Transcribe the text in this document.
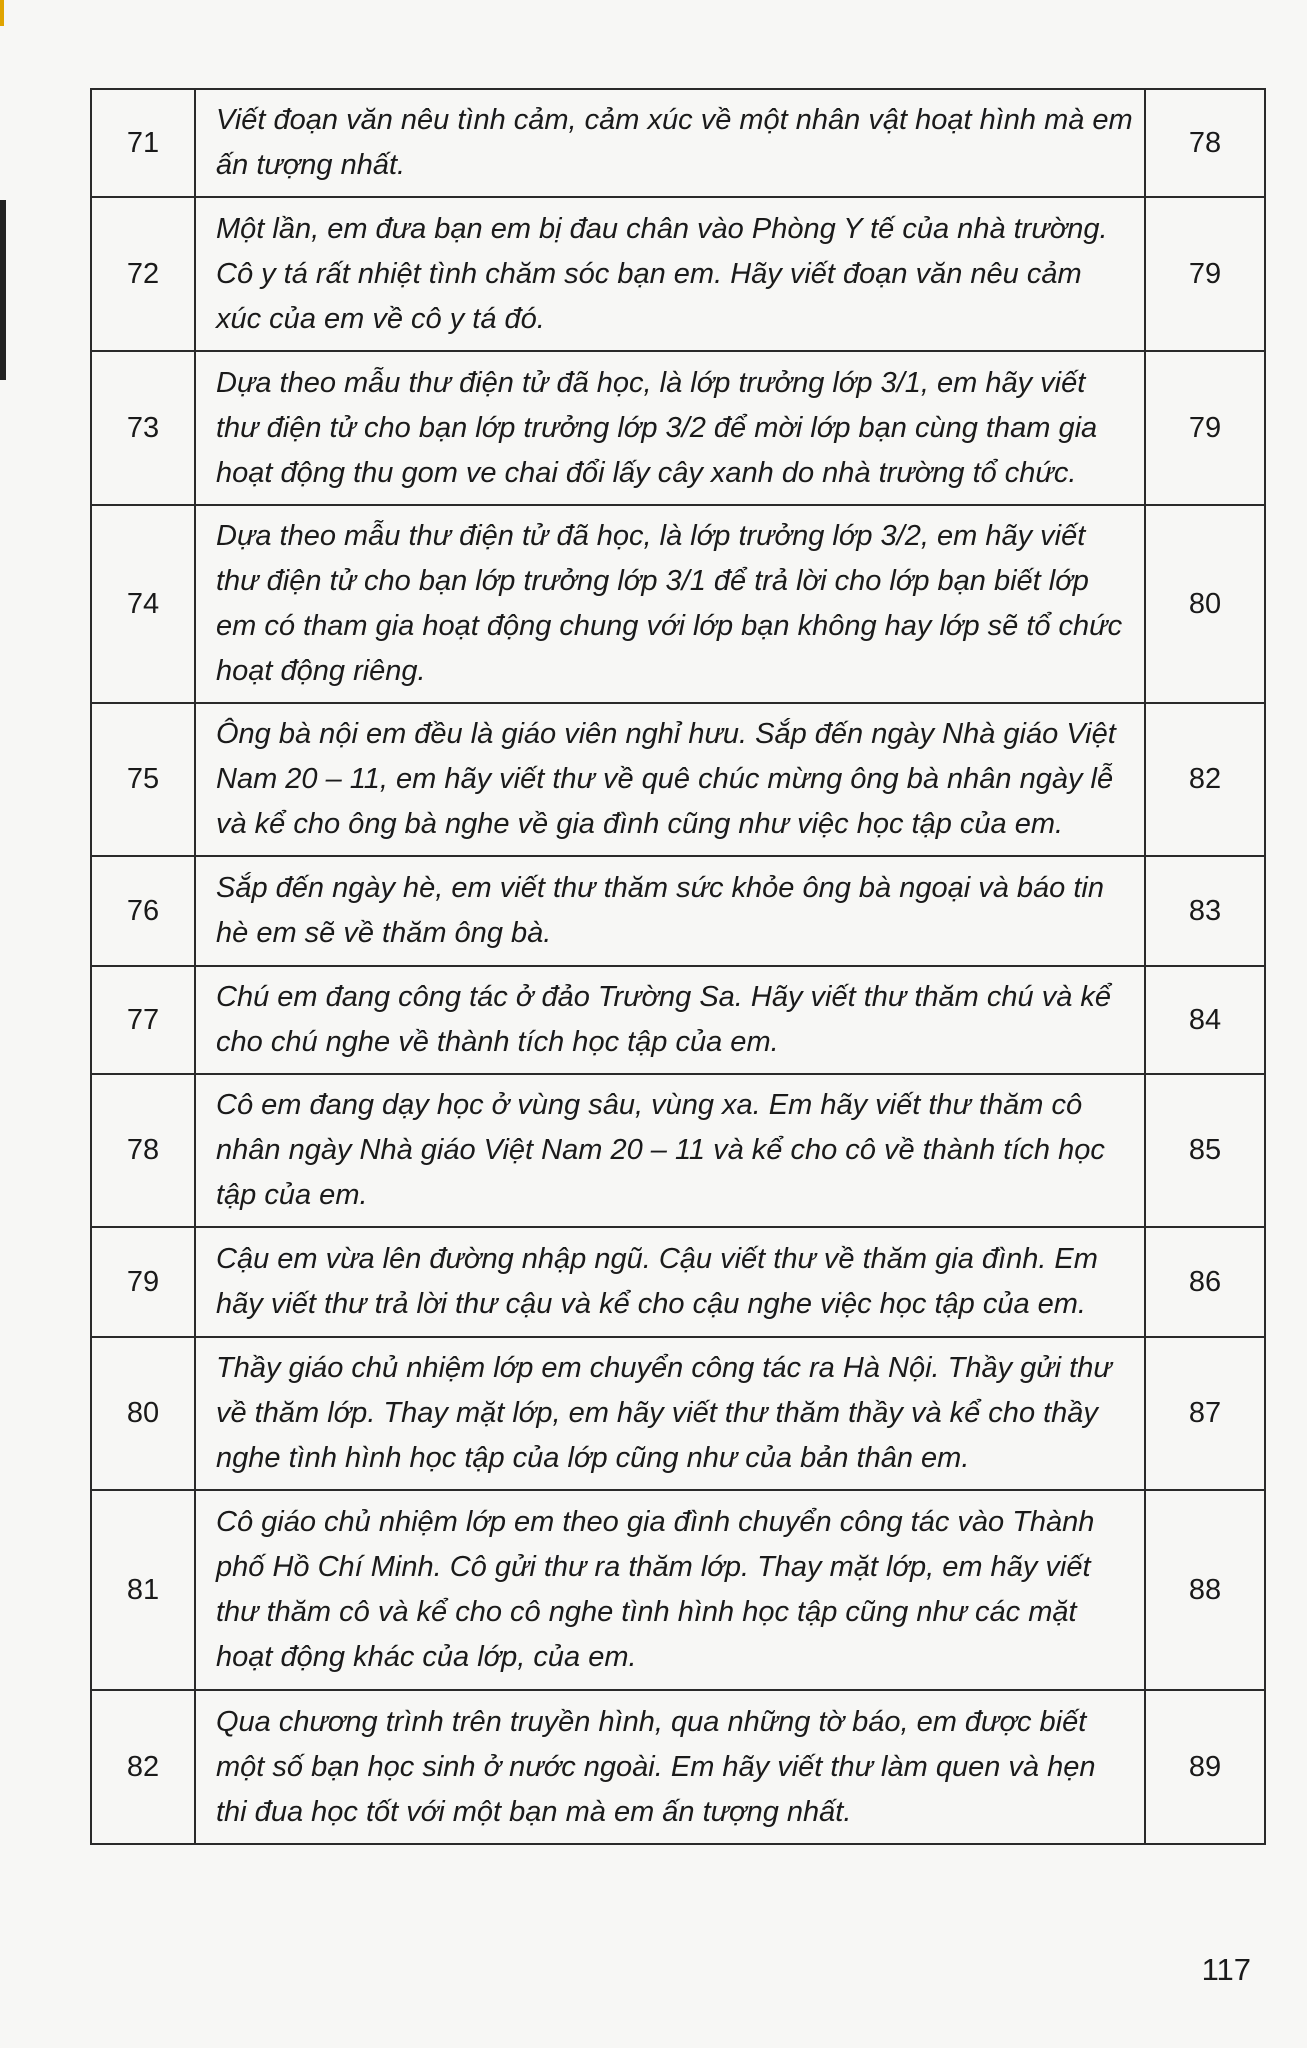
71	Viết đoạn văn nêu tình cảm, cảm xúc về một nhân vật hoạt hình mà em ấn tượng nhất.	78
72	Một lần, em đưa bạn em bị đau chân vào Phòng Y tế của nhà trường. Cô y tá rất nhiệt tình chăm sóc bạn em. Hãy viết đoạn văn nêu cảm xúc của em về cô y tá đó.	79
73	Dựa theo mẫu thư điện tử đã học, là lớp trưởng lớp 3/1, em hãy viết thư điện tử cho bạn lớp trưởng lớp 3/2 để mời lớp bạn cùng tham gia hoạt động thu gom ve chai đổi lấy cây xanh do nhà trường tổ chức.	79
74	Dựa theo mẫu thư điện tử đã học, là lớp trưởng lớp 3/2, em hãy viết thư điện tử cho bạn lớp trưởng lớp 3/1 để trả lời cho lớp bạn biết lớp em có tham gia hoạt động chung với lớp bạn không hay lớp sẽ tổ chức hoạt động riêng.	80
75	Ông bà nội em đều là giáo viên nghỉ hưu. Sắp đến ngày Nhà giáo Việt Nam 20 – 11, em hãy viết thư về quê chúc mừng ông bà nhân ngày lễ và kể cho ông bà nghe về gia đình cũng như việc học tập của em.	82
76	Sắp đến ngày hè, em viết thư thăm sức khỏe ông bà ngoại và báo tin hè em sẽ về thăm ông bà.	83
77	Chú em đang công tác ở đảo Trường Sa. Hãy viết thư thăm chú và kể cho chú nghe về thành tích học tập của em.	84
78	Cô em đang dạy học ở vùng sâu, vùng xa. Em hãy viết thư thăm cô nhân ngày Nhà giáo Việt Nam 20 – 11 và kể cho cô về thành tích học tập của em.	85
79	Cậu em vừa lên đường nhập ngũ. Cậu viết thư về thăm gia đình. Em hãy viết thư trả lời thư cậu và kể cho cậu nghe việc học tập của em.	86
80	Thầy giáo chủ nhiệm lớp em chuyển công tác ra Hà Nội. Thầy gửi thư về thăm lớp. Thay mặt lớp, em hãy viết thư thăm thầy và kể cho thầy nghe tình hình học tập của lớp cũng như của bản thân em.	87
81	Cô giáo chủ nhiệm lớp em theo gia đình chuyển công tác vào Thành phố Hồ Chí Minh. Cô gửi thư ra thăm lớp. Thay mặt lớp, em hãy viết thư thăm cô và kể cho cô nghe tình hình học tập cũng như các mặt hoạt động khác của lớp, của em.	88
82	Qua chương trình trên truyền hình, qua những tờ báo, em được biết một số bạn học sinh ở nước ngoài. Em hãy viết thư làm quen và hẹn thi đua học tốt với một bạn mà em ấn tượng nhất.	89
117
